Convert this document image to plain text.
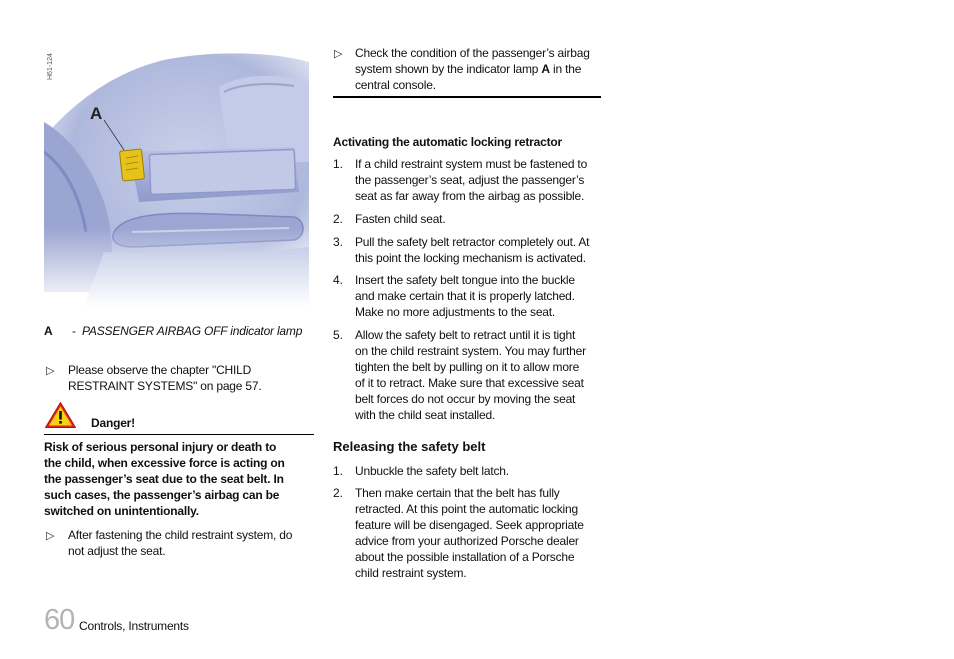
H61-124
A
A - PASSENGER AIRBAG OFF indicator lamp
▷ Please observe the chapter "CHILD
RESTRAINT SYSTEMS" on page 57.
Danger!
Risk of serious personal injury or death to
the child, when excessive force is acting on
the passenger’s seat due to the seat belt. In
such cases, the passenger’s airbag can be
switched on unintentionally.
▷ After fastening the child restraint system, do
not adjust the seat.
▷ Check the condition of the passenger’s airbag
system shown by the indicator lamp A in the
central console.
Activating the automatic locking retractor
1. If a child restraint system must be fastened to
the passenger’s seat, adjust the passenger’s
seat as far away from the airbag as possible.
2. Fasten child seat.
3. Pull the safety belt retractor completely out. At
this point the locking mechanism is activated.
4. Insert the safety belt tongue into the buckle
and make certain that it is properly latched.
Make no more adjustments to the seat.
5. Allow the safety belt to retract until it is tight
on the child restraint system. You may further
tighten the belt by pulling on it to allow more
of it to retract. Make sure that excessive seat
belt forces do not occur by moving the seat
with the child seat installed.
Releasing the safety belt
1. Unbuckle the safety belt latch.
2. Then make certain that the belt has fully
retracted. At this point the automatic locking
feature will be disengaged. Seek appropriate
advice from your authorized Porsche dealer
about the possible installation of a Porsche
child restraint system.
60 Controls, Instruments
